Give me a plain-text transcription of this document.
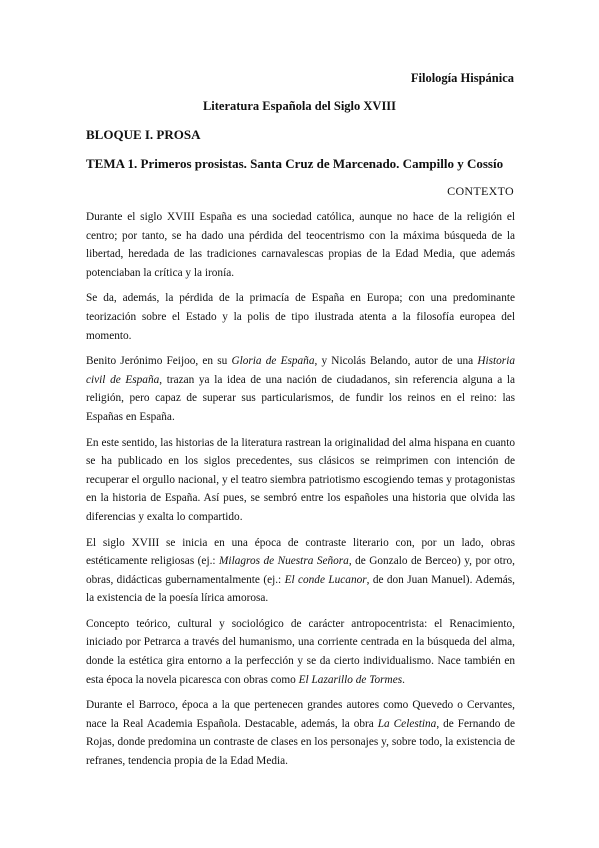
Filología Hispánica
Literatura Española del Siglo XVIII
BLOQUE I. PROSA
TEMA 1. Primeros prosistas. Santa Cruz de Marcenado. Campillo y Cossío
CONTEXTO

Durante el siglo XVIII España es una sociedad católica, aunque no hace de la religión el centro; por tanto, se ha dado una pérdida del teocentrismo con la máxima búsqueda de la libertad, heredada de las tradiciones carnavalescas propias de la Edad Media, que además potenciaban la crítica y la ironía.

Se da, además, la pérdida de la primacía de España en Europa; con una predominante teorización sobre el Estado y la polis de tipo ilustrada atenta a la filosofía europea del momento.

Benito Jerónimo Feijoo, en su Gloria de España, y Nicolás Belando, autor de una Historia civil de España, trazan ya la idea de una nación de ciudadanos, sin referencia alguna a la religión, pero capaz de superar sus particularismos, de fundir los reinos en el reino: las Españas en España.

En este sentido, las historias de la literatura rastrean la originalidad del alma hispana en cuanto se ha publicado en los siglos precedentes, sus clásicos se reimprimen con intención de recuperar el orgullo nacional, y el teatro siembra patriotismo escogiendo temas y protagonistas en la historia de España. Así pues, se sembró entre los españoles una historia que olvida las diferencias y exalta lo compartido.

El siglo XVIII se inicia en una época de contraste literario con, por un lado, obras estéticamente religiosas (ej.: Milagros de Nuestra Señora, de Gonzalo de Berceo) y, por otro, obras, didácticas gubernamentalmente (ej.: El conde Lucanor, de don Juan Manuel). Además, la existencia de la poesía lírica amorosa.

Concepto teórico, cultural y sociológico de carácter antropocentrista: el Renacimiento, iniciado por Petrarca a través del humanismo, una corriente centrada en la búsqueda del alma, donde la estética gira entorno a la perfección y se da cierto individualismo. Nace también en esta época la novela picaresca con obras como El Lazarillo de Tormes.

Durante el Barroco, época a la que pertenecen grandes autores como Quevedo o Cervantes, nace la Real Academia Española. Destacable, además, la obra La Celestina, de Fernando de Rojas, donde predomina un contraste de clases en los personajes y, sobre todo, la existencia de refranes, tendencia propia de la Edad Media.
